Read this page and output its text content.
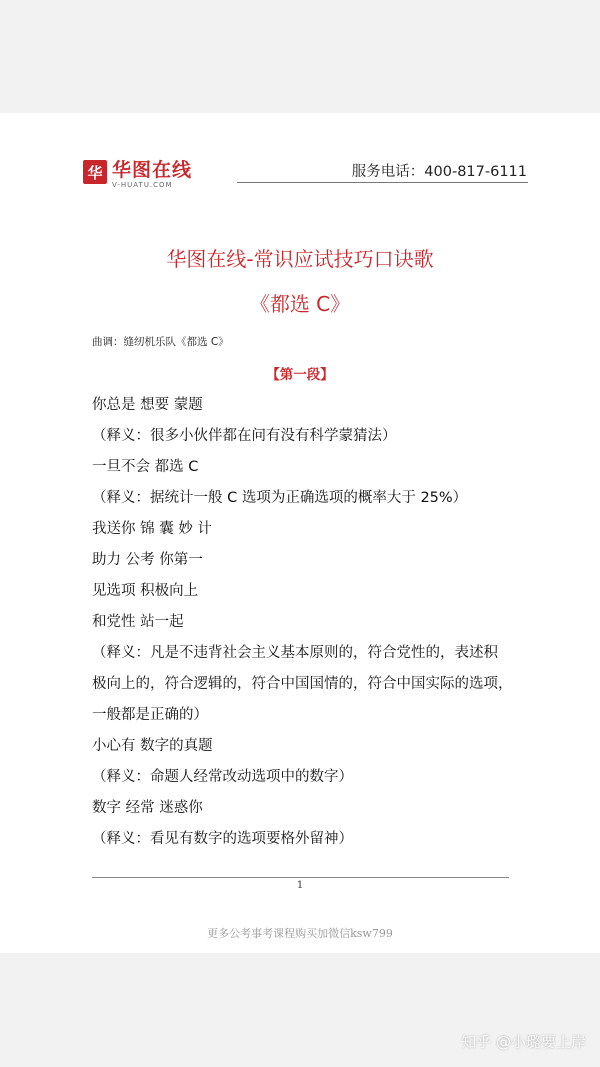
华 华图在线
V-HUATU.COM
服务电话：400-817-6111
华图在线-常识应试技巧口诀歌
《都选 C》
曲调：缝纫机乐队《都选 C》
【第一段】
你总是 想要 蒙题
（释义：很多小伙伴都在问有没有科学蒙猜法）
一旦不会 都选 C
（释义：据统计一般 C 选项为正确选项的概率大于 25%）
我送你 锦 囊 妙 计
助力 公考 你第一
见选项 积极向上
和党性 站一起
（释义：凡是不违背社会主义基本原则的，符合党性的，表述积
极向上的，符合逻辑的，符合中国国情的，符合中国实际的选项，
一般都是正确的）
小心有 数字的真题
（释义：命题人经常改动选项中的数字）
数字 经常 迷惑你
（释义：看见有数字的选项要格外留神）
1
更多公考事考课程购买加微信ksw799
知乎 @小璐要上岸
